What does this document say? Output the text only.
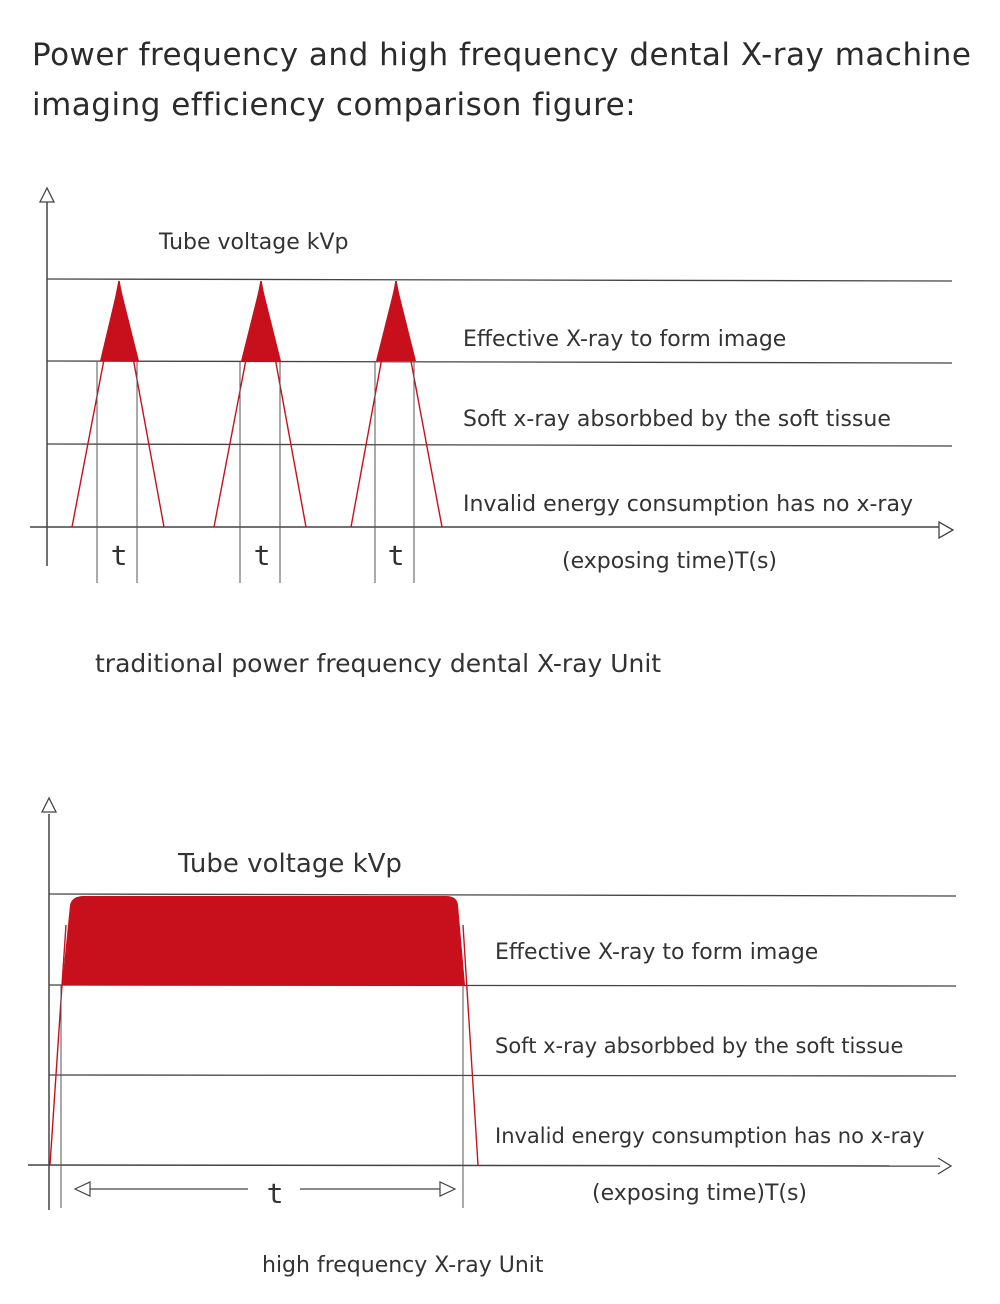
Power frequency and high frequency dental X-ray machine imaging efficiency comparison figure:
Tube voltage kVp
Effective X-ray to form image
Soft x-ray absorbbed by the soft tissue
Invalid energy consumption has no x-ray
t	t	t	(exposing time)T(s)
traditional power frequency dental X-ray Unit
Tube voltage kVp
Effective X-ray to form image
Soft x-ray absorbbed by the soft tissue
Invalid energy consumption has no x-ray
t	(exposing time)T(s)
high frequency X-ray Unit
